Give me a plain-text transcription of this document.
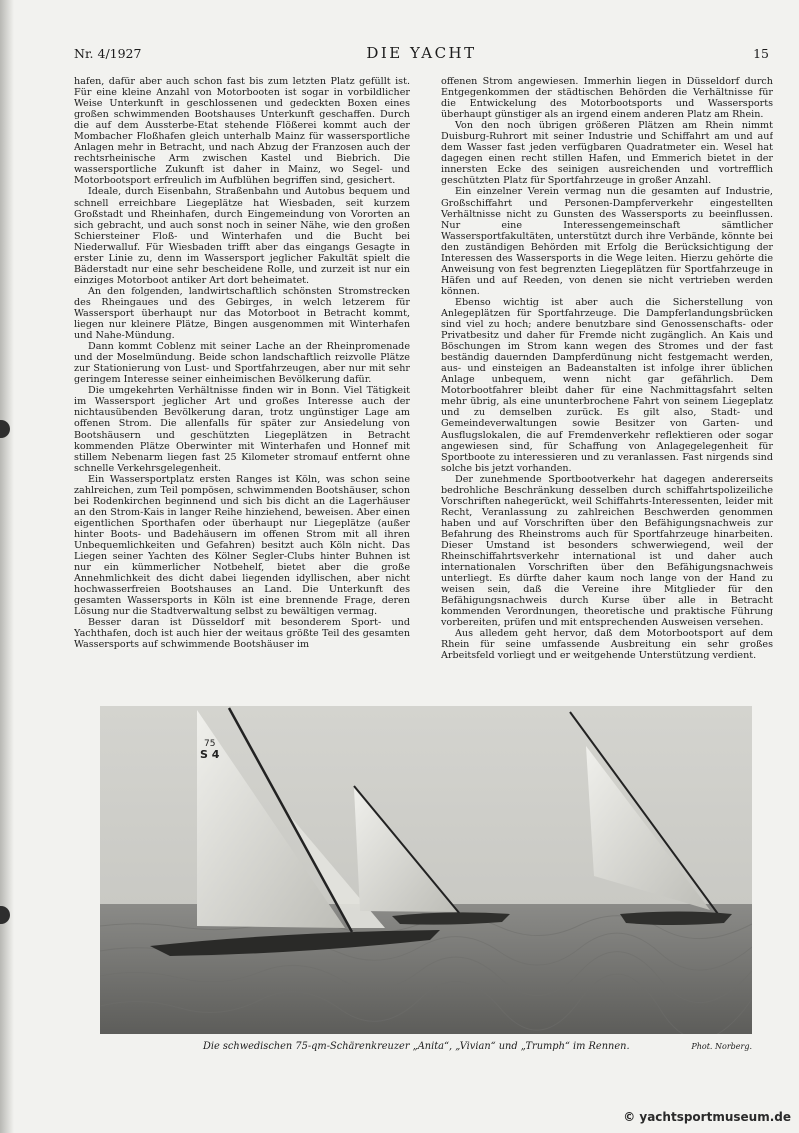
Nr. 4/1927	DIE YACHT	15

hafen, dafür aber auch schon fast bis zum letzten Platz gefüllt ist. Für eine kleine Anzahl von Motorbooten ist sogar in vorbildlicher Weise Unterkunft in geschlossenen und gedeckten Boxen eines großen schwimmenden Bootshauses Unterkunft geschaffen. Durch die auf dem Aussterbe-Etat stehende Flößerei kommt auch der Mombacher Floßhafen gleich unterhalb Mainz für wassersportliche Anlagen mehr in Betracht, und nach Abzug der Franzosen auch der rechtsrheinische Arm zwischen Kastel und Biebrich. Die wassersportliche Zukunft ist daher in Mainz, wo Segel- und Motorbootsport erfreulich im Aufblühen begriffen sind, gesichert.

Ideale, durch Eisenbahn, Straßenbahn und Autobus bequem und schnell erreichbare Liegeplätze hat Wiesbaden, seit kurzem Großstadt und Rheinhafen, durch Eingemeindung von Vororten an sich gebracht, und auch sonst noch in seiner Nähe, wie den großen Schiersteiner Floß- und Winterhafen und die Bucht bei Niederwalluf. Für Wiesbaden trifft aber das eingangs Gesagte in erster Linie zu, denn im Wassersport jeglicher Fakultät spielt die Bäderstadt nur eine sehr bescheidene Rolle, und zurzeit ist nur ein einziges Motorboot antiker Art dort beheimatet.

An den folgenden, landwirtschaftlich schönsten Stromstrecken des Rheingaues und des Gebirges, in welch letzerem für Wassersport überhaupt nur das Motorboot in Betracht kommt, liegen nur kleinere Plätze, Bingen ausgenommen mit Winterhafen und Nahe-Mündung.

Dann kommt Coblenz mit seiner Lache an der Rheinpromenade und der Moselmündung. Beide schon landschaftlich reizvolle Plätze zur Stationierung von Lust- und Sportfahrzeugen, aber nur mit sehr geringem Interesse seiner einheimischen Bevölkerung dafür.

Die umgekehrten Verhältnisse finden wir in Bonn. Viel Tätigkeit im Wassersport jeglicher Art und großes Interesse auch der nichtausübenden Bevölkerung daran, trotz ungünstiger Lage am offenen Strom. Die allenfalls für später zur Ansiedelung von Bootshäusern und geschützten Liegeplätzen in Betracht kommenden Plätze Oberwinter mit Winterhafen und Honnef mit stillem Nebenarm liegen fast 25 Kilometer stromauf entfernt ohne schnelle Verkehrsgelegenheit.

Ein Wassersportplatz ersten Ranges ist Köln, was schon seine zahlreichen, zum Teil pompösen, schwimmenden Bootshäuser, schon bei Rodenkirchen beginnend und sich bis dicht an die Lagerhäuser an den Strom-Kais in langer Reihe hinziehend, beweisen. Aber einen eigentlichen Sporthafen oder überhaupt nur Liegeplätze (außer hinter Boots- und Badehäusern im offenen Strom mit all ihren Unbequemlichkeiten und Gefahren) besitzt auch Köln nicht. Das Liegen seiner Yachten des Kölner Segler-Clubs hinter Buhnen ist nur ein kümmerlicher Notbehelf, bietet aber die große Annehmlichkeit des dicht dabei liegenden idyllischen, aber nicht hochwasserfreien Bootshauses an Land. Die Unterkunft des gesamten Wassersports in Köln ist eine brennende Frage, deren Lösung nur die Stadtverwaltung selbst zu bewältigen vermag.

Besser daran ist Düsseldorf mit besonderem Sport- und Yachthafen, doch ist auch hier der weitaus größte Teil des gesamten Wassersports auf schwimmende Bootshäuser im

offenen Strom angewiesen. Immerhin liegen in Düsseldorf durch Entgegenkommen der städtischen Behörden die Verhältnisse für die Entwickelung des Motorbootsports und Wassersports überhaupt günstiger als an irgend einem anderen Platz am Rhein.

Von den noch übrigen größeren Plätzen am Rhein nimmt Duisburg-Ruhrort mit seiner Industrie und Schiffahrt am und auf dem Wasser fast jeden verfügbaren Quadratmeter ein. Wesel hat dagegen einen recht stillen Hafen, und Emmerich bietet in der innersten Ecke des seinigen ausreichenden und vortrefflich geschützten Platz für Sportfahrzeuge in großer Anzahl.

Ein einzelner Verein vermag nun die gesamten auf Industrie, Großschiffahrt und Personen-Dampferverkehr eingestellten Verhältnisse nicht zu Gunsten des Wassersports zu beeinflussen. Nur eine Interessengemeinschaft sämtlicher Wassersportfakultäten, unterstützt durch ihre Verbände, könnte bei den zuständigen Behörden mit Erfolg die Berücksichtigung der Interessen des Wassersports in die Wege leiten. Hierzu gehörte die Anweisung von fest begrenzten Liegeplätzen für Sportfahrzeuge in Häfen und auf Reeden, von denen sie nicht vertrieben werden können.

Ebenso wichtig ist aber auch die Sicherstellung von Anlegeplätzen für Sportfahrzeuge. Die Dampferlandungsbrücken sind viel zu hoch; andere benutzbare sind Genossenschafts- oder Privatbesitz und daher für Fremde nicht zugänglich. An Kais und Böschungen im Strom kann wegen des Stromes und der fast beständig dauernden Dampferdünung nicht festgemacht werden, aus- und einsteigen an Badeanstalten ist infolge ihrer üblichen Anlage unbequem, wenn nicht gar gefährlich. Dem Motorbootfahrer bleibt daher für eine Nachmittagsfahrt selten mehr übrig, als eine ununterbrochene Fahrt von seinem Liegeplatz und zu demselben zurück. Es gilt also, Stadt- und Gemeindeverwaltungen sowie Besitzer von Garten- und Ausflugslokalen, die auf Fremdenverkehr reflektieren oder sogar angewiesen sind, für Schaffung von Anlagegelegenheit für Sportboote zu interessieren und zu veranlassen. Fast nirgends sind solche bis jetzt vorhanden.

Der zunehmende Sportbootverkehr hat dagegen andererseits bedrohliche Beschränkung desselben durch schiffahrtspolizeiliche Vorschriften nahegerückt, weil Schiffahrts-Interessenten, leider mit Recht, Veranlassung zu zahlreichen Beschwerden genommen haben und auf Vorschriften über den Befähigungsnachweis zur Befahrung des Rheinstroms auch für Sportfahrzeuge hinarbeiten. Dieser Umstand ist besonders schwerwiegend, weil der Rheinschiffahrtsverkehr international ist und daher auch internationalen Vorschriften über den Befähigungsnachweis unterliegt. Es dürfte daher kaum noch lange von der Hand zu weisen sein, daß die Vereine ihre Mitglieder für den Befähigungsnachweis durch Kurse über alle in Betracht kommenden Verordnungen, theoretische und praktische Führung vorbereiten, prüfen und mit entsprechenden Ausweisen versehen.

Aus alledem geht hervor, daß dem Motorbootsport auf dem Rhein für seine umfassende Ausbreitung ein sehr großes Arbeitsfeld vorliegt und er weitgehende Unterstützung verdient.

75
S 4
Die schwedischen 75-qm-Schärenkreuzer „Anita“, „Vivian“ und „Trumph“ im Rennen.	Phot. Norberg.
© yachtsportmuseum.de
